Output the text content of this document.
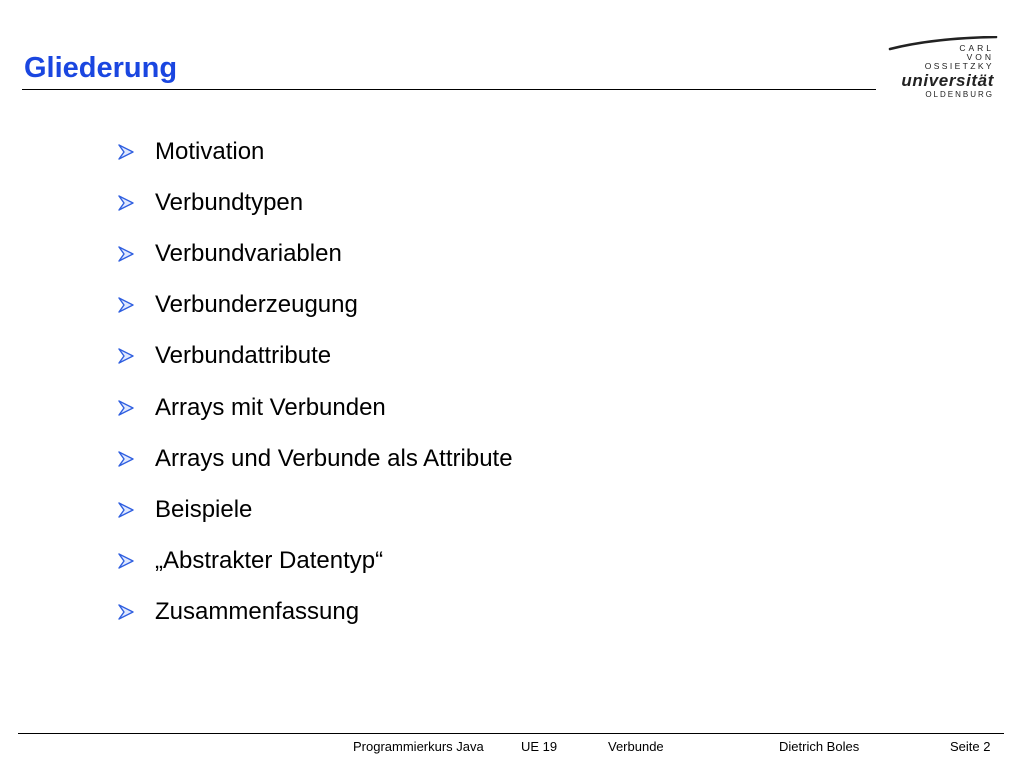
Gliederung
CARL
VON
OSSIETZKY
universität
OLDENBURG
Motivation
Verbundtypen
Verbundvariablen
Verbunderzeugung
Verbundattribute
Arrays mit Verbunden
Arrays und Verbunde als Attribute
Beispiele
„Abstrakter Datentyp“
Zusammenfassung
Programmierkurs Java	UE 19	Verbunde	Dietrich Boles	Seite 2
